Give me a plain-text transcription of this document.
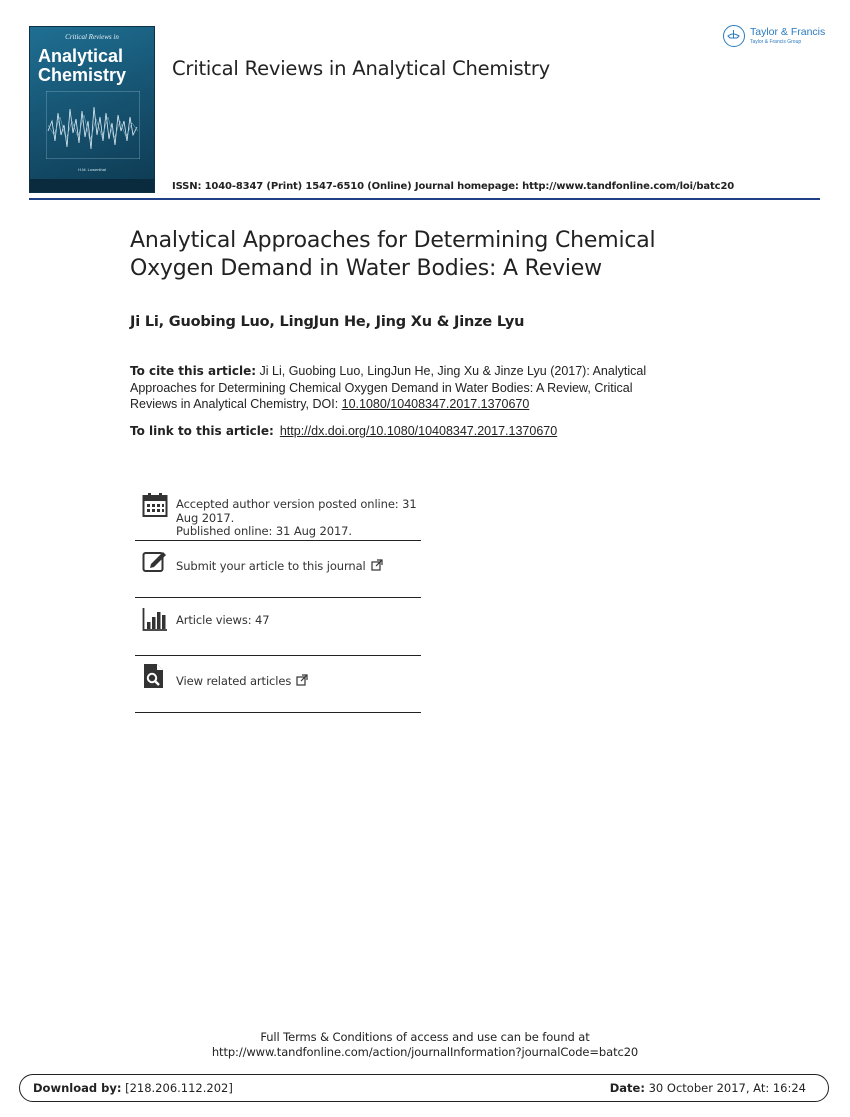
Critical Reviews in
Analytical
Chemistry
H.M. Lowenthal
Critical Reviews in Analytical Chemistry
Taylor & Francis
Taylor & Francis Group
ISSN: 1040-8347 (Print) 1547-6510 (Online) Journal homepage: http://www.tandfonline.com/loi/batc20
Analytical Approaches for Determining Chemical
Oxygen Demand in Water Bodies: A Review
Ji Li, Guobing Luo, LingJun He, Jing Xu & Jinze Lyu
To cite this article: Ji Li, Guobing Luo, LingJun He, Jing Xu & Jinze Lyu (2017): Analytical
Approaches for Determining Chemical Oxygen Demand in Water Bodies: A Review, Critical
Reviews in Analytical Chemistry, DOI: 10.1080/10408347.2017.1370670
To link to this article: http://dx.doi.org/10.1080/10408347.2017.1370670
Accepted author version posted online: 31
Aug 2017.
Published online: 31 Aug 2017.
Submit your article to this journal
Article views: 47
View related articles
Full Terms & Conditions of access and use can be found at
http://www.tandfonline.com/action/journalInformation?journalCode=batc20
Download by: [218.206.112.202]	Date: 30 October 2017, At: 16:24
